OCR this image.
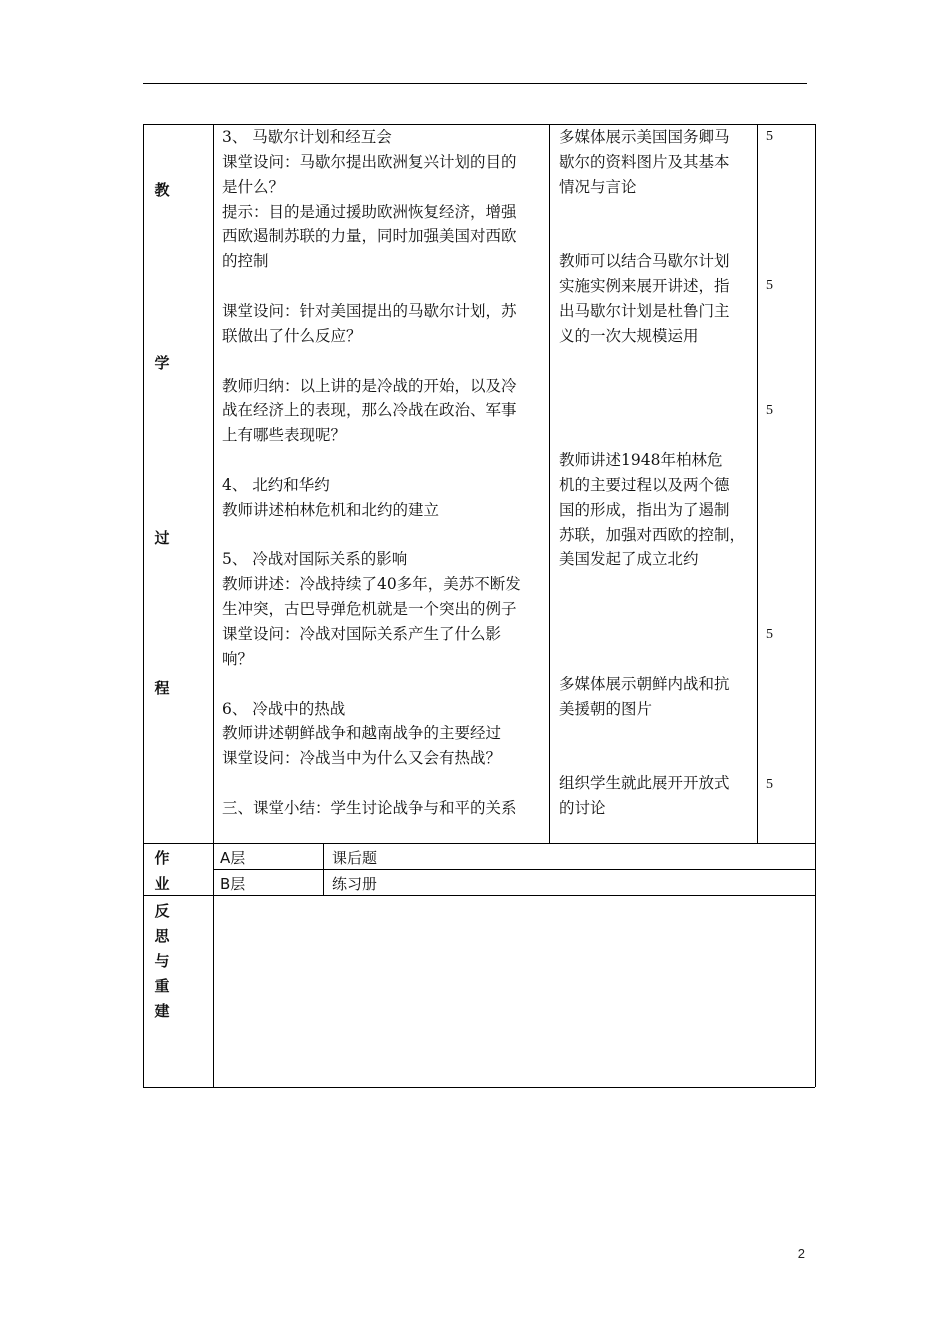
教
学
过
程
3、 马歇尔计划和经互会
课堂设问：马歇尔提出欧洲复兴计划的目的
是什么？
提示：目的是通过援助欧洲恢复经济，增强
西欧遏制苏联的力量，同时加强美国对西欧
的控制
课堂设问：针对美国提出的马歇尔计划，苏
联做出了什么反应？
教师归纳：以上讲的是冷战的开始，以及冷
战在经济上的表现，那么冷战在政治、军事
上有哪些表现呢？
4、 北约和华约
教师讲述柏林危机和北约的建立
5、 冷战对国际关系的影响
教师讲述：冷战持续了40多年，美苏不断发
生冲突，古巴导弹危机就是一个突出的例子
课堂设问：冷战对国际关系产生了什么影
响？
6、 冷战中的热战
教师讲述朝鲜战争和越南战争的主要经过
课堂设问：冷战当中为什么又会有热战？
三、课堂小结：学生讨论战争与和平的关系
多媒体展示美国国务卿马
歇尔的资料图片及其基本
情况与言论
教师可以结合马歇尔计划
实施实例来展开讲述，指
出马歇尔计划是杜鲁门主
义的一次大规模运用
教师讲述1948年柏林危
机的主要过程以及两个德
国的形成，指出为了遏制
苏联，加强对西欧的控制，
美国发起了成立北约
多媒体展示朝鲜内战和抗
美援朝的图片
组织学生就此展开开放式
的讨论
5
5
5
5
5
作
业
A层	课后题
B层	练习册
反
思
与
重
建
2
